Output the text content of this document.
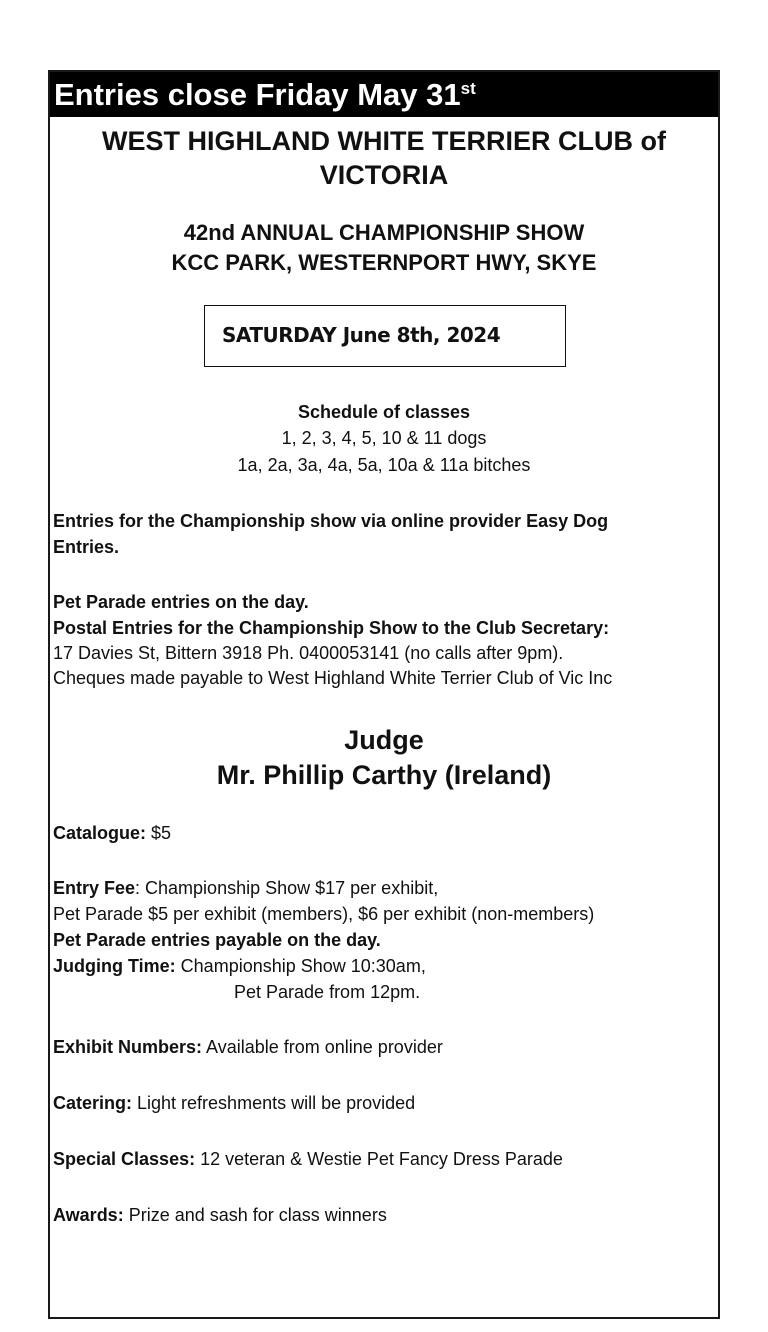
Entries close Friday May 31st
WEST HIGHLAND WHITE TERRIER CLUB of
VICTORIA
42nd ANNUAL CHAMPIONSHIP SHOW
KCC PARK, WESTERNPORT HWY, SKYE
SATURDAY June 8th, 2024
Schedule of classes
1, 2, 3, 4, 5, 10 & 11 dogs
1a, 2a, 3a, 4a, 5a, 10a & 11a bitches
Entries for the Championship show via online provider Easy Dog
Entries.
Pet Parade entries on the day.
Postal Entries for the Championship Show to the Club Secretary:
17 Davies St, Bittern 3918 Ph. 0400053141 (no calls after 9pm).
Cheques made payable to West Highland White Terrier Club of Vic Inc
Judge
Mr. Phillip Carthy (Ireland)
Catalogue: $5
Entry Fee: Championship Show $17 per exhibit,
Pet Parade $5 per exhibit (members), $6 per exhibit (non-members)
Pet Parade entries payable on the day.
Judging Time: Championship Show 10:30am,
Pet Parade from 12pm.
Exhibit Numbers: Available from online provider
Catering: Light refreshments will be provided
Special Classes: 12 veteran & Westie Pet Fancy Dress Parade
Awards: Prize and sash for class winners
